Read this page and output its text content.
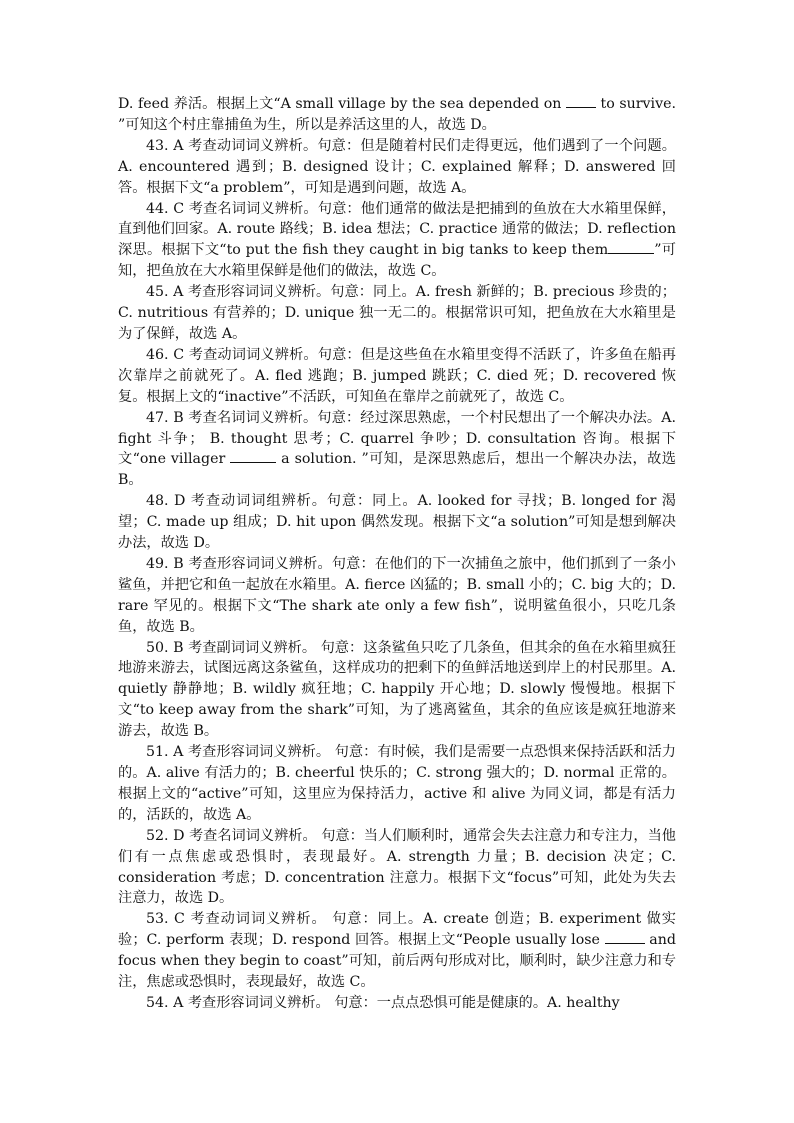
D. feed 养活。根据上文“A small village by the sea depended on  to survive. ”可知这个村庄靠捕鱼为生，所以是养活这里的人，故选 D。

43. A 考查动词词义辨析。句意：但是随着村民们走得更远，他们遇到了一个问题。A. encountered 遇到；B. designed 设计；C. explained 解释；D. answered 回答。根据下文“a problem”，可知是遇到问题，故选 A。

44. C 考查名词词义辨析。句意：他们通常的做法是把捕到的鱼放在大水箱里保鲜，直到他们回家。A. route 路线；B. idea 想法；C. practice 通常的做法；D. reflection 深思。根据下文“to put the fish they caught in big tanks to keep them	”可知，把鱼放在大水箱里保鲜是他们的做法，故选 C。

45. A 考查形容词词义辨析。句意：同上。A. fresh 新鲜的；B. precious 珍贵的；C. nutritious 有营养的；D. unique 独一无二的。根据常识可知，把鱼放在大水箱里是为了保鲜，故选 A。

46. C 考查动词词义辨析。句意：但是这些鱼在水箱里变得不活跃了，许多鱼在船再次靠岸之前就死了。A. fled 逃跑；B. jumped 跳跃；C. died 死；D. recovered 恢复。根据上文的“inactive”不活跃，可知鱼在靠岸之前就死了，故选 C。

47. B 考查名词词义辨析。句意：经过深思熟虑，一个村民想出了一个解决办法。A. fight 斗争； B. thought 思考；C. quarrel 争吵；D. consultation 咨询。根据下文“one villager	a solution. ”可知，是深思熟虑后，想出一个解决办法，故选 B。

48. D 考查动词词组辨析。句意：同上。A. looked for 寻找；B. longed for 渴望；C. made up 组成；D. hit upon 偶然发现。根据下文“a solution”可知是想到解决办法，故选 D。

49. B 考查形容词词义辨析。句意：在他们的下一次捕鱼之旅中，他们抓到了一条小鲨鱼，并把它和鱼一起放在水箱里。A. fierce 凶猛的；B. small 小的；C. big 大的；D. rare 罕见的。根据下文“The shark ate only a few fish”，说明鲨鱼很小，只吃几条鱼，故选 B。

50. B 考查副词词义辨析。 句意：这条鲨鱼只吃了几条鱼，但其余的鱼在水箱里疯狂地游来游去，试图远离这条鲨鱼，这样成功的把剩下的鱼鲜活地送到岸上的村民那里。A. quietly 静静地；B. wildly 疯狂地；C. happily 开心地；D. slowly 慢慢地。根据下文“to keep away from the shark”可知，为了逃离鲨鱼，其余的鱼应该是疯狂地游来游去，故选 B。

51. A 考查形容词词义辨析。 句意：有时候，我们是需要一点恐惧来保持活跃和活力的。A. alive 有活力的；B. cheerful 快乐的；C. strong 强大的；D. normal 正常的。根据上文的“active”可知，这里应为保持活力，active 和 alive 为同义词，都是有活力的，活跃的，故选 A。

52. D 考查名词词义辨析。 句意：当人们顺利时，通常会失去注意力和专注力，当他们有一点焦虑或恐惧时，表现最好。A. strength 力量；B. decision 决定；C. consideration 考虑；D. concentration 注意力。根据下文“focus”可知，此处为失去注意力，故选 D。

53. C 考查动词词义辨析。 句意：同上。A. create 创造；B. experiment 做实验；C. perform 表现；D. respond 回答。根据上文“People usually lose	and focus when they begin to coast”可知，前后两句形成对比，顺利时，缺少注意力和专注，焦虑或恐惧时，表现最好，故选 C。

54. A 考查形容词词义辨析。 句意：一点点恐惧可能是健康的。A. healthy
